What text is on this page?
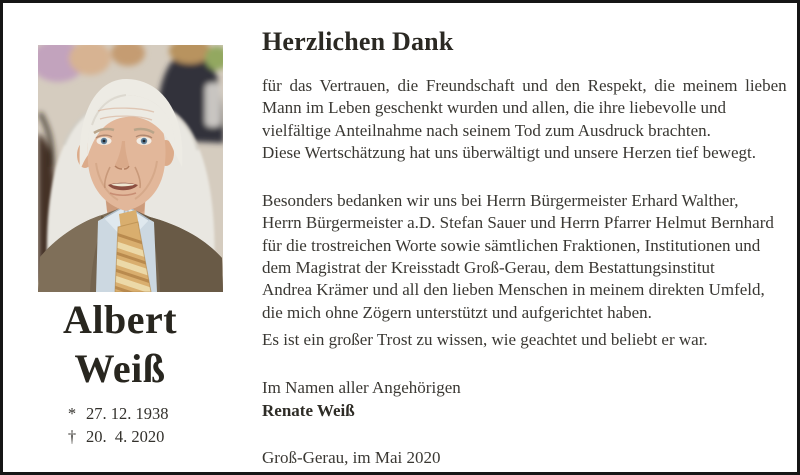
Albert
Weiß
* 27. 12. 1938
† 20.  4. 2020
Herzlichen Dank
für das Vertrauen, die Freundschaft und den Respekt, die meinem lieben
Mann im Leben geschenkt wurden und allen, die ihre liebevolle und
vielfältige Anteilnahme nach seinem Tod zum Ausdruck brachten.
Diese Wertschätzung hat uns überwältigt und unsere Herzen tief bewegt.
Besonders bedanken wir uns bei Herrn Bürgermeister Erhard Walther,
Herrn Bürgermeister a.D. Stefan Sauer und Herrn Pfarrer Helmut Bernhard
für die trostreichen Worte sowie sämtlichen Fraktionen, Institutionen und
dem Magistrat der Kreisstadt Groß-Gerau, dem Bestattungsinstitut
Andrea Krämer und all den lieben Menschen in meinem direkten Umfeld,
die mich ohne Zögern unterstützt und aufgerichtet haben.
Es ist ein großer Trost zu wissen, wie geachtet und beliebt er war.
Im Namen aller Angehörigen
Renate Weiß
Groß-Gerau, im Mai 2020
